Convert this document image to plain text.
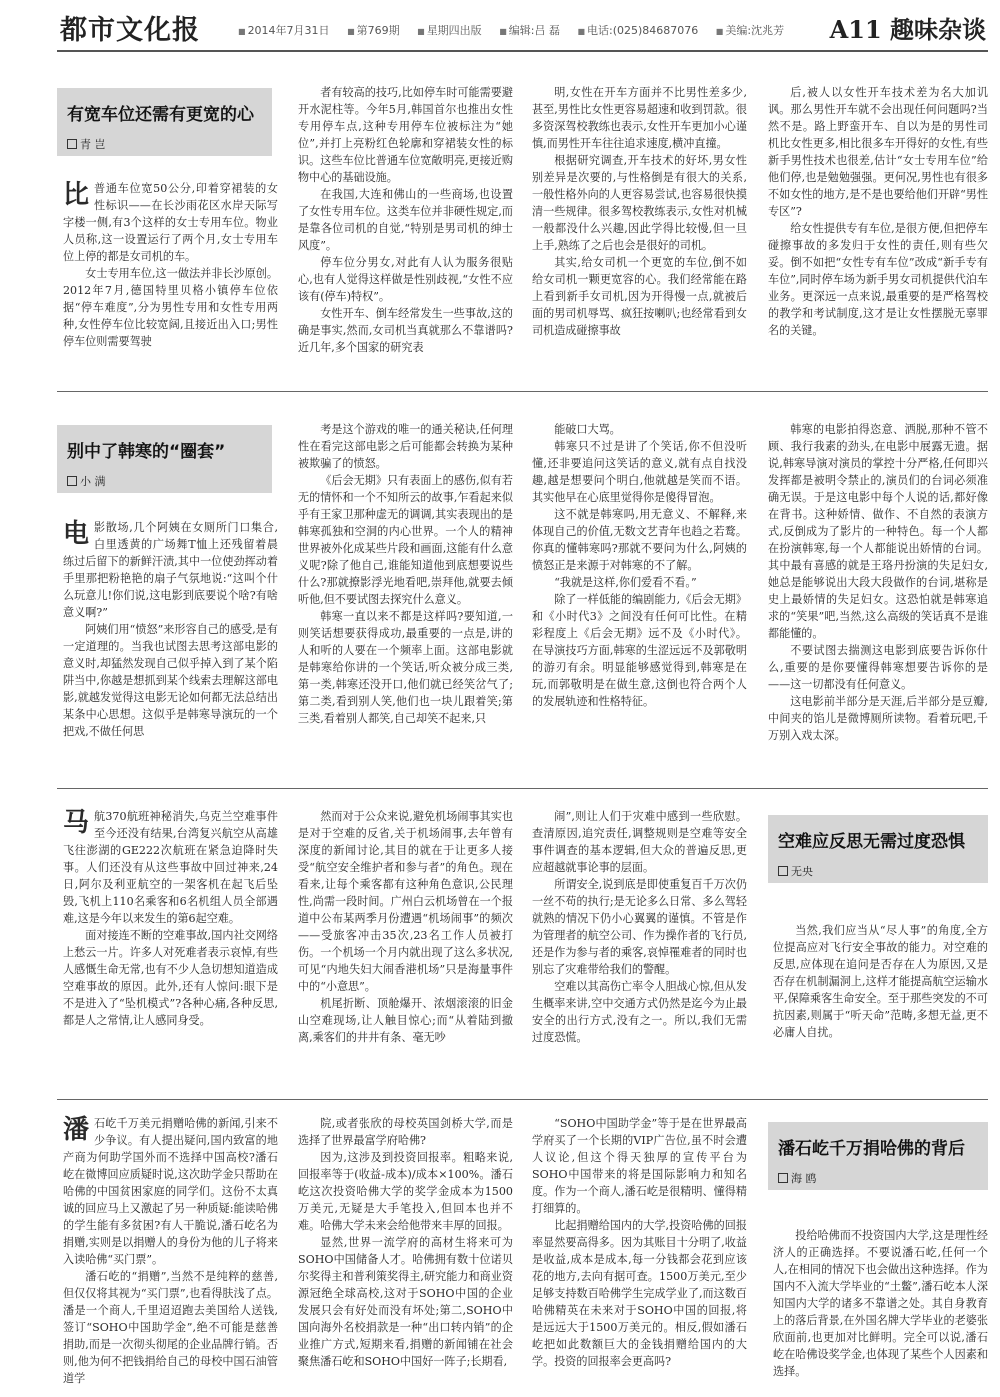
都市文化报	■ 2014年7月31日 ■ 第769期 ■ 星期四出版 ■ 编辑:吕 磊 ■ 电话:(025)84687076 ■ 美编:沈兆芳	A11 趣味杂谈
有宽车位还需有更宽的心
青 岂
比 普通车位宽50公分,印着穿裙装的女性标识——在长沙雨花区水岸天际写字楼一侧,有3个这样的女士专用车位。物业人员称,这一设置运行了两个月,女士专用车位上停的都是女司机的车。

女士专用车位,这一做法并非长沙原创。2012年7月,德国特里贝格小镇停车位依据“停车难度”,分为男性专用和女性专用两种,女性停车位比较宽阔,且接近出入口;男性停车位则需要驾驶

者有较高的技巧,比如停车时可能需要避开水泥柱等。今年5月,韩国首尔也推出女性专用停车点,这种专用停车位被标注为“她位”,并打上亮粉红色轮廓和穿裙装女性的标识。这些车位比普通车位宽敞明亮,更接近购物中心的基础设施。

在我国,大连和佛山的一些商场,也设置了女性专用车位。这类车位并非硬性规定,而是靠各位司机的自觉,“特别是男司机的绅士风度”。

停车位分男女,对此有人认为服务很贴心,也有人觉得这样做是性别歧视,“女性不应该有(停车)特权”。

女性开车、倒车经常发生一些事故,这的确是事实,然而,女司机当真就那么不靠谱吗?近几年,多个国家的研究表

明,女性在开车方面并不比男性差多少,甚至,男性比女性更容易超速和收到罚款。很多资深驾校教练也表示,女性开车更加小心谨慎,而男性开车往往追求速度,横冲直撞。

根据研究调查,开车技术的好坏,男女性别差异是次要的,与性格倒是有很大的关系,一般性格外向的人更容易尝试,也容易很快摸清一些规律。很多驾校教练表示,女性对机械一般都没什么兴趣,因此学得比较慢,但一旦上手,熟练了之后也会是很好的司机。

其实,给女司机一个更宽的车位,倒不如给女司机一颗更宽容的心。我们经常能在路上看到新手女司机,因为开得慢一点,就被后面的男司机辱骂、疯狂按喇叭;也经常看到女司机造成碰擦事故

后,被人以女性开车技术差为名大加讥讽。那么男性开车就不会出现任何问题吗?当然不是。路上野蛮开车、自以为是的男性司机比女性更多,相比很多车开得好的女性,有些新手男性技术也很差,估计“女士专用车位”给他们停,也是勉勉强强。更何况,男性也有很多不如女性的地方,是不是也要给他们开辟“男性专区”?

给女性提供专有车位,是很方便,但把停车碰擦事故的多发归于女性的责任,则有些欠妥。倒不如把“女性专有车位”改成“新手专有车位”,同时停车场为新手男女司机提供代泊车业务。更深远一点来说,最重要的是严格驾校的教学和考试制度,这才是让女性摆脱无辜罪名的关键。

别中了韩寒的“圈套”
小 满
电 影散场,几个阿姨在女厕所门口集合,白里透黄的广场舞T恤上还残留着晨练过后留下的新鲜汗渍,其中一位使劲挥动着手里那把粉艳艳的扇子气氛地说:“这叫个什么玩意儿!你们说,这电影到底要说个啥?有啥意义啊?”

阿姨们用“愤怒”来形容自己的感受,是有一定道理的。当我也试图去思考这部电影的意义时,却猛然发现自己似乎掉入到了某个陷阱当中,你越是想抓到某个线索去理解这部电影,就越发觉得这电影无论如何都无法总结出某条中心思想。这似乎是韩寒导演玩的一个把戏,不做任何思

考是这个游戏的唯一的通关秘诀,任何理性在看完这部电影之后可能都会转换为某种被欺骗了的愤怒。

《后会无期》只有表面上的感伤,似有若无的情怀和一个不知所云的故事,乍看起来似乎有王家卫那种虚无的调调,其实表现出的是韩寒孤独和空洞的内心世界。一个人的精神世界被外化成某些片段和画面,这能有什么意义呢?除了他自己,谁能知道他到底想要说些什么?那就撩影浮光地看吧,崇拜他,就要去倾听他,但不要试图去探究什么意义。

韩寒一直以来不都是这样吗?要知道,一则笑话想要获得成功,最重要的一点是,讲的人和听的人要在一个频率上面。这部电影就是韩寒给你讲的一个笑话,听众被分成三类,第一类,韩寒还没开口,他们就已经笑岔气了;第二类,看到别人笑,他们也一块儿跟着笑;第三类,看着别人都笑,自己却笑不起来,只

能破口大骂。

韩寒只不过是讲了个笑话,你不但没听懂,还非要追问这笑话的意义,就有点自找没趣,越是想要问个明白,他就越是笑而不语。其实他早在心底里觉得你是傻得冒泡。

这不就是韩寒吗,用无意义、不解释,来体现自己的价值,无数文艺青年也趋之若鹜。你真的懂韩寒吗?那就不要问为什么,阿姨的愤怒正是来源于对韩寒的不了解。

“我就是这样,你们爱看不看。”

除了一样低能的编剧能力,《后会无期》和《小时代3》之间没有任何可比性。在精彩程度上《后会无期》远不及《小时代》。在导演技巧方面,韩寒的生涩远远不及郭敬明的游刃有余。明显能够感觉得到,韩寒是在玩,而郭敬明是在做生意,这倒也符合两个人的发展轨迹和性格特征。

韩寒的电影拍得恣意、洒脱,那种不管不顾、我行我素的劲头,在电影中展露无遗。据说,韩寒导演对演员的掌控十分严格,任何即兴发挥都是被明令禁止的,演员们的台词必须准确无误。于是这电影中每个人说的话,都好像在背书。这种娇情、做作、不自然的表演方式,反倒成为了影片的一种特色。每一个人都在扮演韩寒,每一个人都能说出娇情的台词。其中最有喜感的就是王珞丹扮演的失足妇女,她总是能够说出大段大段做作的台词,堪称是史上最娇情的失足妇女。这恐怕就是韩寒追求的“笑果”吧,当然,这么高级的笑话真不是谁都能懂的。

不要试图去揣测这电影到底要告诉你什么,重要的是你要懂得韩寒想要告诉你的是——这一切都没有任何意义。

这电影前半部分是天涯,后半部分是豆瓣,中间夹的馅儿是微博厕所读物。看着玩吧,千万别入戏太深。

马 航370航班神秘消失,乌克兰空难事件至今还没有结果,台湾复兴航空从高雄飞往澎湖的GE222次航班在紧急迫降时失事。人们还没有从这些事故中回过神来,24日,阿尔及利亚航空的一架客机在起飞后坠毁,飞机上110名乘客和6名机组人员全部遇难,这是今年以来发生的第6起空难。

面对接连不断的空难事故,国内社交网络上愁云一片。许多人对死难者表示哀悼,有些人感慨生命无常,也有不少人急切想知道造成空难事故的原因。此外,还有人惊问:眼下是不是进入了“坠机模式”?各种心痛,各种反思,都是人之常情,让人感同身受。

然而对于公众来说,避免机场闹事其实也是对于空难的反省,关于机场闹事,去年曾有深度的新闻讨论,其目的就在于让更多人接受“航空安全维护者和参与者”的角色。现在看来,让每个乘客都有这种角色意识,公民理性,尚需一段时间。广州白云机场曾在一个报道中公布某两季月份遭遇“机场闹事”的频次——受旅客冲击35次,23名工作人员被打伤。一个机场一个月内就出现了这么多状况,可见“内地失妇大闹香港机场”只是海量事件中的“小意思”。

机尾折断、顶舱爆开、浓烟滚滚的旧金山空难现场,让人触目惊心;而“从着陆到撤离,乘客们的井井有条、毫无吵

闹”,则让人们于灾难中感到一些欣慰。查清原因,追究责任,调整规则是空难等安全事件调查的基本逻辑,但大众的普遍反思,更应超越就事论事的层面。

所谓安全,说到底是即使重复百千万次仍一丝不苟的执行;是无论多么日常、多么驾轻就熟的情况下仍小心翼翼的谨慎。不管是作为管理者的航空公司、作为操作者的飞行员,还是作为参与者的乘客,哀悼罹难者的同时也别忘了灾难带给我们的警醒。

空难以其高伤亡率令人胆战心惊,但从发生概率来讲,空中交通方式仍然是迄今为止最安全的出行方式,没有之一。所以,我们无需过度恐慌。

空难应反思无需过度恐惧
无央

当然,我们应当从“尽人事”的角度,全方位提高应对飞行安全事故的能力。对空难的反思,应体现在追问是否存在人为原因,又是否存在机制漏洞上,这样才能提高航空运输水平,保障乘客生命安全。至于那些突发的不可抗因素,则属于“听天命”范畴,多想无益,更不必庸人自扰。

潘 石屹千万美元捐赠哈佛的新闻,引来不少争议。有人提出疑问,国内致富的地产商为何助学国外而不选择中国高校?潘石屹在微博回应质疑时说,这次助学金只帮助在哈佛的中国贫困家庭的同学们。这份不太真诚的回应马上又激起了另一种质疑:能读哈佛的学生能有多贫困?有人干脆说,潘石屹名为捐赠,实则是以捐赠人的身份为他的儿子将来入读哈佛“买门票”。

潘石屹的“捐赠”,当然不是纯粹的慈善,但仅仅将其视为“买门票”,也看得肤浅了点。潘是一个商人,千里迢迢跑去美国给人送钱,签订“SOHO中国助学金”,绝不可能是慈善捐助,而是一次彻头彻尾的企业品牌行销。否则,他为何不把钱捐给自己的母校中国石油管道学

院,或者张欣的母校英国剑桥大学,而是选择了世界最富学府哈佛?

因为,这涉及到投资回报率。粗略来说,回报率等于(收益-成本)/成本×100%。潘石屹这次投资哈佛大学的奖学金成本为1500万美元,无疑是大手笔投入,但回本也并不难。哈佛大学未来会给他带来丰厚的回报。

显然,世界一流学府的高材生将来可为SOHO中国储备人才。哈佛拥有数十位诺贝尔奖得主和普利策奖得主,研究能力和商业资源冠绝全球高校,这对于SOHO中国的企业发展只会有好处而没有坏处;第二,SOHO中国向海外名校捐款是一种“出口转内销”的企业推广方式,短期来看,捐赠的新闻铺在社会聚焦潘石屹和SOHO中国好一阵子;长期看,

“SOHO中国助学金”等于是在世界最高学府买了一个长期的VIP广告位,虽不时会遭人议论,但这个得天独厚的宣传平台为SOHO中国带来的将是国际影响力和知名度。作为一个商人,潘石屹是很精明、懂得精打细算的。

比起捐赠给国内的大学,投资哈佛的回报率显然要高得多。因为其账目十分明了,收益是收益,成本是成本,每一分钱都会花到应该花的地方,去向有据可查。1500万美元,至少足够支持数百哈佛学生完成学业了,而这数百哈佛精英在未来对于SOHO中国的回报,将是远远大于1500万美元的。相反,假如潘石屹把如此数额巨大的金钱捐赠给国内的大学。投资的回报率会更高吗?

潘石屹千万捐哈佛的背后
海 鸥

投给哈佛而不投资国内大学,这是理性经济人的正确选择。不要说潘石屹,任何一个人,在相同的情况下也会做出这种选择。作为国内不入流大学毕业的“土鳖”,潘石屹本人深知国内大学的诸多不靠谱之处。其自身教育上的落后背景,在外国名牌大学毕业的老婆张欣面前,也更加对比鲜明。完全可以说,潘石屹在哈佛设奖学金,也体现了某些个人因素和选择。
